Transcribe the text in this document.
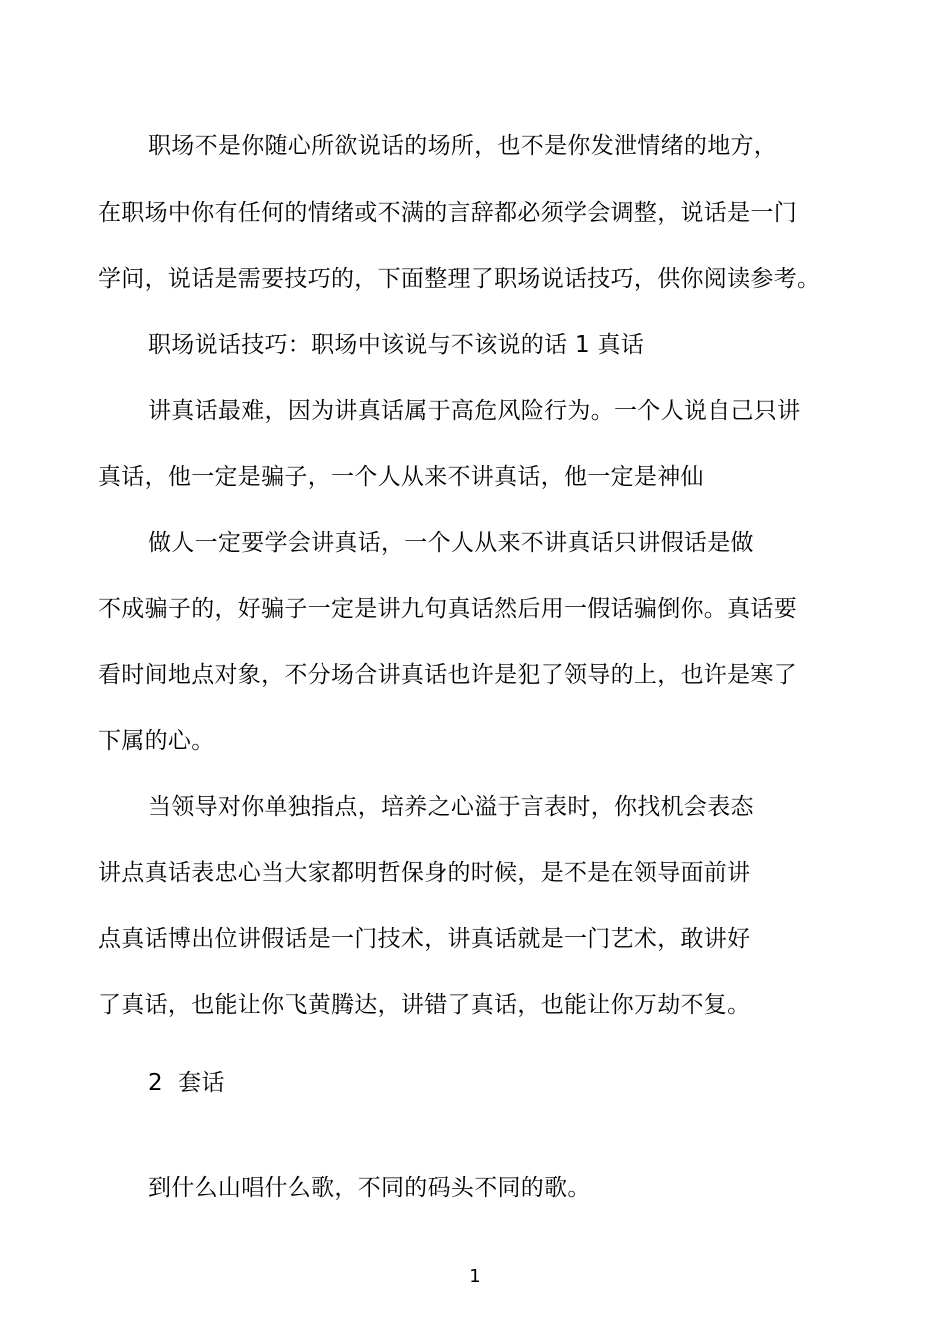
职场不是你随心所欲说话的场所，也不是你发泄情绪的地方，
在职场中你有任何的情绪或不满的言辞都必须学会调整，说话是一门
学问，说话是需要技巧的，下面整理了职场说话技巧，供你阅读参考。
职场说话技巧：职场中该说与不该说的话 1 真话
讲真话最难，因为讲真话属于高危风险行为。一个人说自己只讲
真话，他一定是骗子，一个人从来不讲真话，他一定是神仙
做人一定要学会讲真话，一个人从来不讲真话只讲假话是做
不成骗子的，好骗子一定是讲九句真话然后用一假话骗倒你。真话要
看时间地点对象，不分场合讲真话也许是犯了领导的上，也许是寒了
下属的心。
当领导对你单独指点，培养之心溢于言表时，你找机会表态
讲点真话表忠心当大家都明哲保身的时候，是不是在领导面前讲
点真话博出位讲假话是一门技术，讲真话就是一门艺术，敢讲好
了真话，也能让你飞黄腾达，讲错了真话，也能让你万劫不复。
2  套话
到什么山唱什么歌，不同的码头不同的歌。
1
